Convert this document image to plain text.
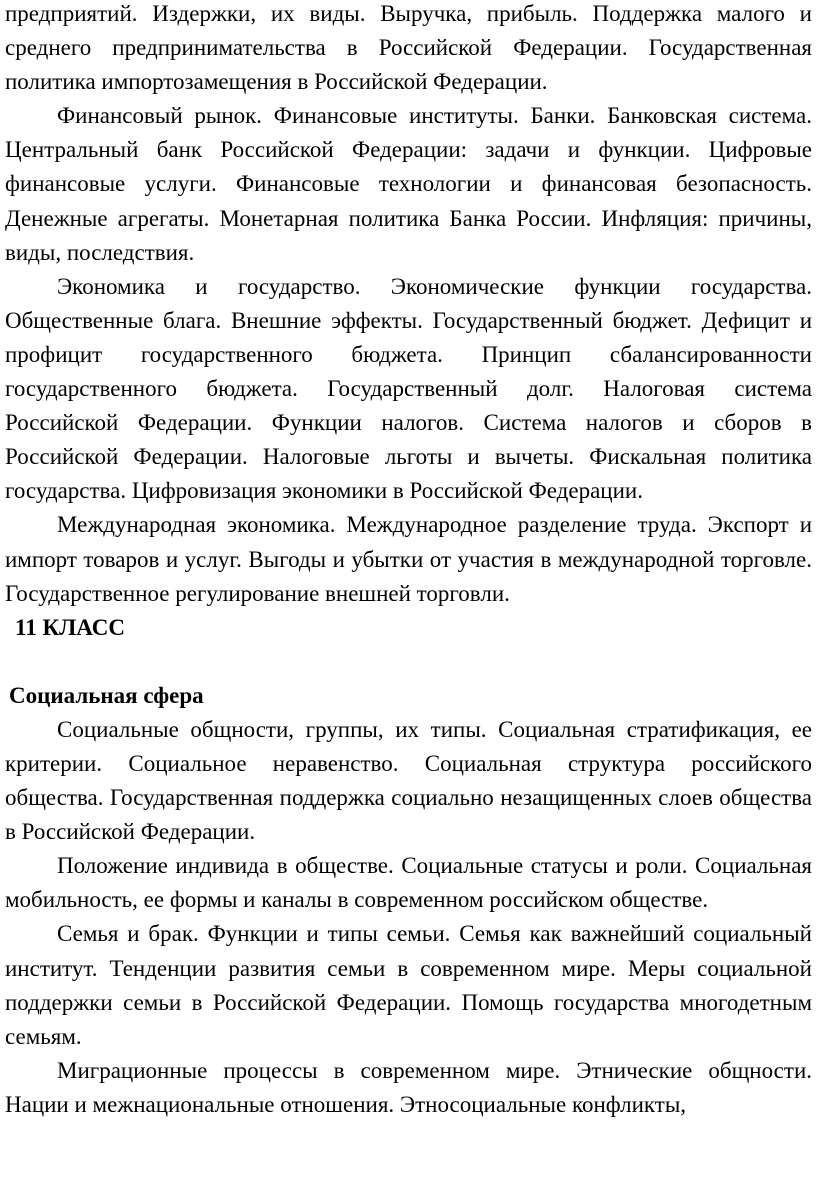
предприятий. Издержки, их виды. Выручка, прибыль. Поддержка малого и среднего предпринимательства в Российской Федерации. Государственная политика импортозамещения в Российской Федерации.

Финансовый рынок. Финансовые институты. Банки. Банковская система. Центральный банк Российской Федерации: задачи и функции. Цифровые финансовые услуги. Финансовые технологии и финансовая безопасность. Денежные агрегаты. Монетарная политика Банка России. Инфляция: причины, виды, последствия.

Экономика и государство. Экономические функции государства. Общественные блага. Внешние эффекты. Государственный бюджет. Дефицит и профицит государственного бюджета. Принцип сбалансированности государственного бюджета. Государственный долг. Налоговая система Российской Федерации. Функции налогов. Система налогов и сборов в Российской Федерации. Налоговые льготы и вычеты. Фискальная политика государства. Цифровизация экономики в Российской Федерации.

Международная экономика. Международное разделение труда. Экспорт и импорт товаров и услуг. Выгоды и убытки от участия в международной торговле. Государственное регулирование внешней торговли.

11 КЛАСС

Социальная сфера

Социальные общности, группы, их типы. Социальная стратификация, ее критерии. Социальное неравенство. Социальная структура российского общества. Государственная поддержка социально незащищенных слоев общества в Российской Федерации.

Положение индивида в обществе. Социальные статусы и роли. Социальная мобильность, ее формы и каналы в современном российском обществе.

Семья и брак. Функции и типы семьи. Семья как важнейший социальный институт. Тенденции развития семьи в современном мире. Меры социальной поддержки семьи в Российской Федерации. Помощь государства многодетным семьям.

Миграционные процессы в современном мире. Этнические общности. Нации и межнациональные отношения. Этносоциальные конфликты,
